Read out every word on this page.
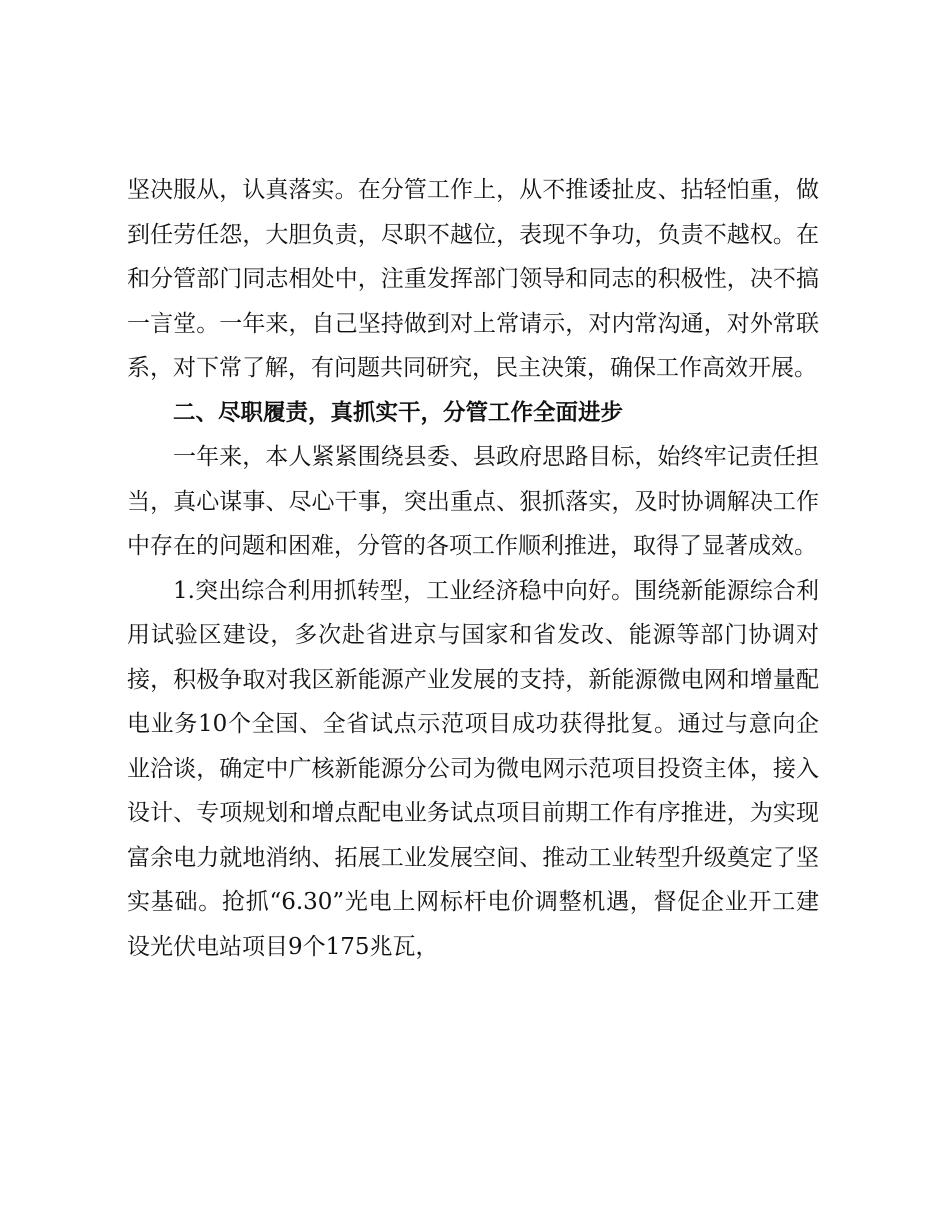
坚决服从，认真落实。在分管工作上，从不推诿扯皮、拈轻怕重，做到任劳任怨，大胆负责，尽职不越位，表现不争功，负责不越权。在和分管部门同志相处中，注重发挥部门领导和同志的积极性，决不搞一言堂。一年来，自己坚持做到对上常请示，对内常沟通，对外常联系，对下常了解，有问题共同研究，民主决策，确保工作高效开展。

二、尽职履责，真抓实干，分管工作全面进步

一年来，本人紧紧围绕县委、县政府思路目标，始终牢记责任担当，真心谋事、尽心干事，突出重点、狠抓落实，及时协调解决工作中存在的问题和困难，分管的各项工作顺利推进，取得了显著成效。

1.突出综合利用抓转型，工业经济稳中向好。围绕新能源综合利用试验区建设，多次赴省进京与国家和省发改、能源等部门协调对接，积极争取对我区新能源产业发展的支持，新能源微电网和增量配电业务10个全国、全省试点示范项目成功获得批复。通过与意向企业洽谈，确定中广核新能源分公司为微电网示范项目投资主体，接入设计、专项规划和增点配电业务试点项目前期工作有序推进，为实现富余电力就地消纳、拓展工业发展空间、推动工业转型升级奠定了坚实基础。抢抓“6.30”光电上网标杆电价调整机遇，督促企业开工建设光伏电站项目9个175兆瓦，
